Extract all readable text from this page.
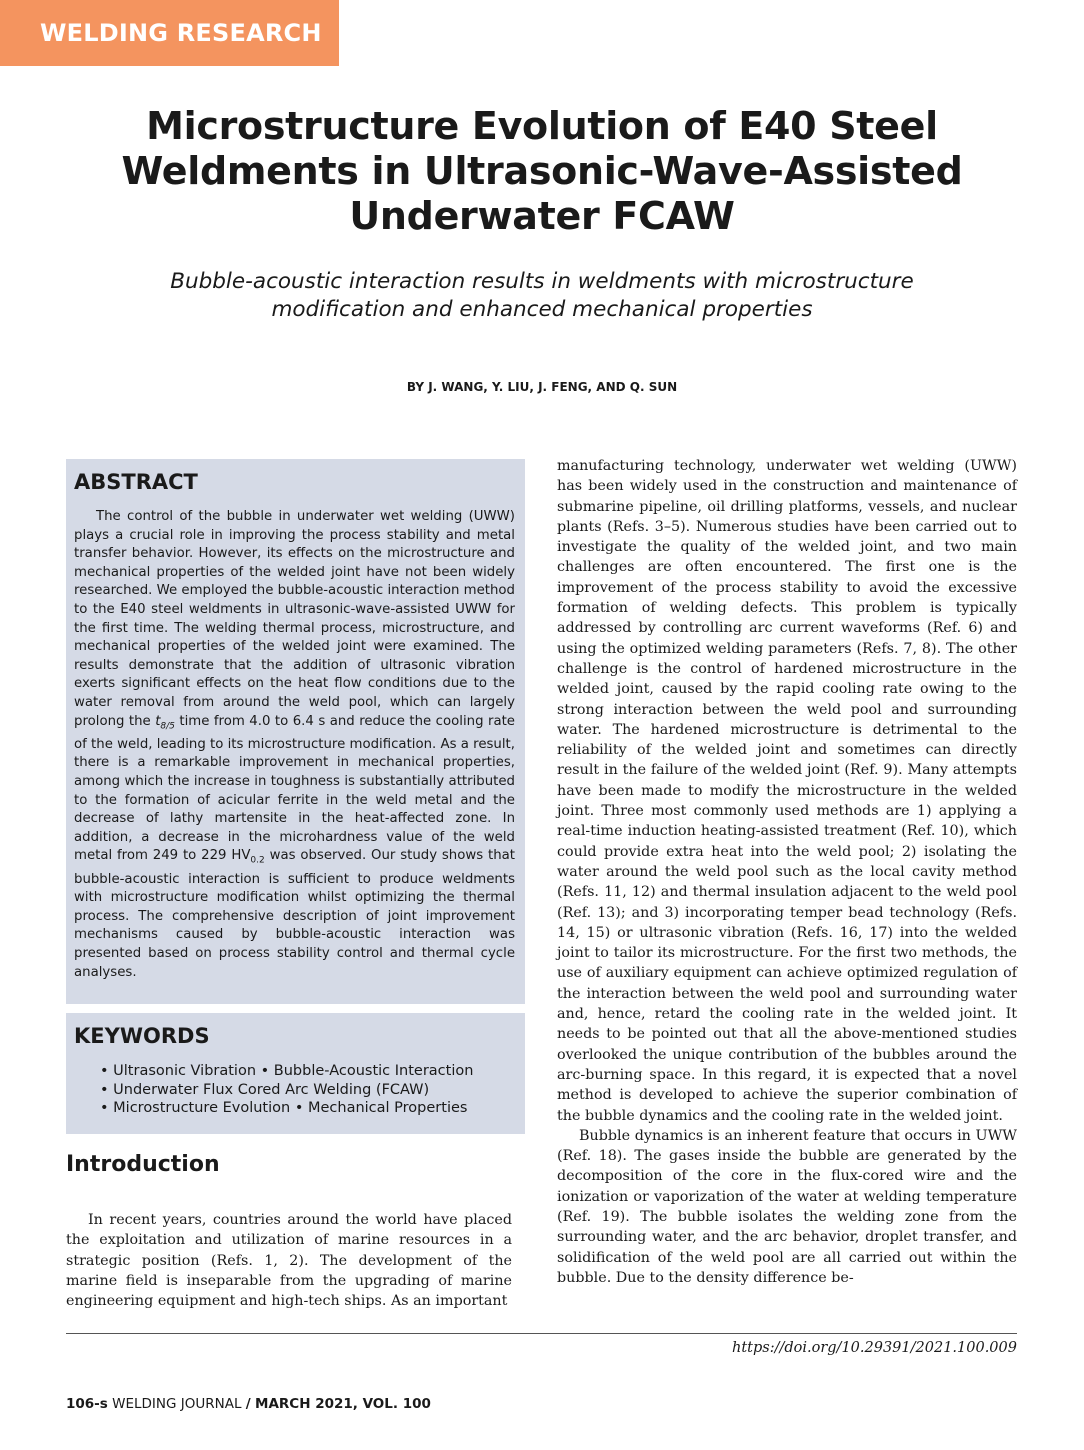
WELDING RESEARCH
Microstructure Evolution of E40 Steel
Weldments in Ultrasonic-Wave-Assisted
Underwater FCAW

Bubble-acoustic interaction results in weldments with microstructure
modification and enhanced mechanical properties

BY J. WANG, Y. LIU, J. FENG, AND Q. SUN
ABSTRACT

The control of the bubble in underwater wet welding (UWW) plays a crucial role in improving the process stability and metal transfer behavior. However, its effects on the microstructure and mechanical properties of the welded joint have not been widely researched. We employed the bubble-acoustic interaction method to the E40 steel weldments in ultrasonic-wave-assisted UWW for the first time. The welding thermal process, microstructure, and mechanical properties of the welded joint were examined. The results demonstrate that the addition of ultrasonic vibration exerts significant effects on the heat flow conditions due to the water removal from around the weld pool, which can largely prolong the $t_{8/5}$ time from 4.0 to 6.4 s and reduce the cooling rate of the weld, leading to its microstructure modification. As a result, there is a remarkable improvement in mechanical properties, among which the increase in toughness is substantially attributed to the formation of acicular ferrite in the weld metal and the decrease of lathy martensite in the heat-affected zone. In addition, a decrease in the microhardness value of the weld metal from 249 to 229 $HV_{0.2}$ was observed. Our study shows that bubble-acoustic interaction is sufficient to produce weldments with microstructure modification whilst optimizing the thermal process. The comprehensive description of joint improvement mechanisms caused by bubble-acoustic interaction was presented based on process stability control and thermal cycle analyses.

KEYWORDS
• Ultrasonic Vibration • Bubble-Acoustic Interaction
• Underwater Flux Cored Arc Welding (FCAW)
• Microstructure Evolution • Mechanical Properties
Introduction

In recent years, countries around the world have placed the exploitation and utilization of marine resources in a strategic position (Refs. 1, 2). The development of the marine field is inseparable from the upgrading of marine engineering equipment and high-tech ships. As an important

manufacturing technology, underwater wet welding (UWW) has been widely used in the construction and maintenance of submarine pipeline, oil drilling platforms, vessels, and nuclear plants (Refs. 3–5). Numerous studies have been carried out to investigate the quality of the welded joint, and two main challenges are often encountered. The first one is the improvement of the process stability to avoid the excessive formation of welding defects. This problem is typically addressed by controlling arc current waveforms (Ref. 6) and using the optimized welding parameters (Refs. 7, 8). The other challenge is the control of hardened microstructure in the welded joint, caused by the rapid cooling rate owing to the strong interaction between the weld pool and surrounding water. The hardened microstructure is detrimental to the reliability of the welded joint and sometimes can directly result in the failure of the welded joint (Ref. 9). Many attempts have been made to modify the microstructure in the welded joint. Three most commonly used methods are 1) applying a real-time induction heating-assisted treatment (Ref. 10), which could provide extra heat into the weld pool; 2) isolating the water around the weld pool such as the local cavity method (Refs. 11, 12) and thermal insulation adjacent to the weld pool (Ref. 13); and 3) incorporating temper bead technology (Refs. 14, 15) or ultrasonic vibration (Refs. 16, 17) into the welded joint to tailor its microstructure. For the first two methods, the use of auxiliary equipment can achieve optimized regulation of the interaction between the weld pool and surrounding water and, hence, retard the cooling rate in the welded joint. It needs to be pointed out that all the above-mentioned studies overlooked the unique contribution of the bubbles around the arc-burning space. In this regard, it is expected that a novel method is developed to achieve the superior combination of the bubble dynamics and the cooling rate in the welded joint.

Bubble dynamics is an inherent feature that occurs in UWW (Ref. 18). The gases inside the bubble are generated by the decomposition of the core in the flux-cored wire and the ionization or vaporization of the water at welding temperature (Ref. 19). The bubble isolates the welding zone from the surrounding water, and the arc behavior, droplet transfer, and solidification of the weld pool are all carried out within the bubble. Due to the density difference be-

https://doi.org/10.29391/2021.100.009
106-s WELDING JOURNAL / MARCH 2021, VOL. 100
